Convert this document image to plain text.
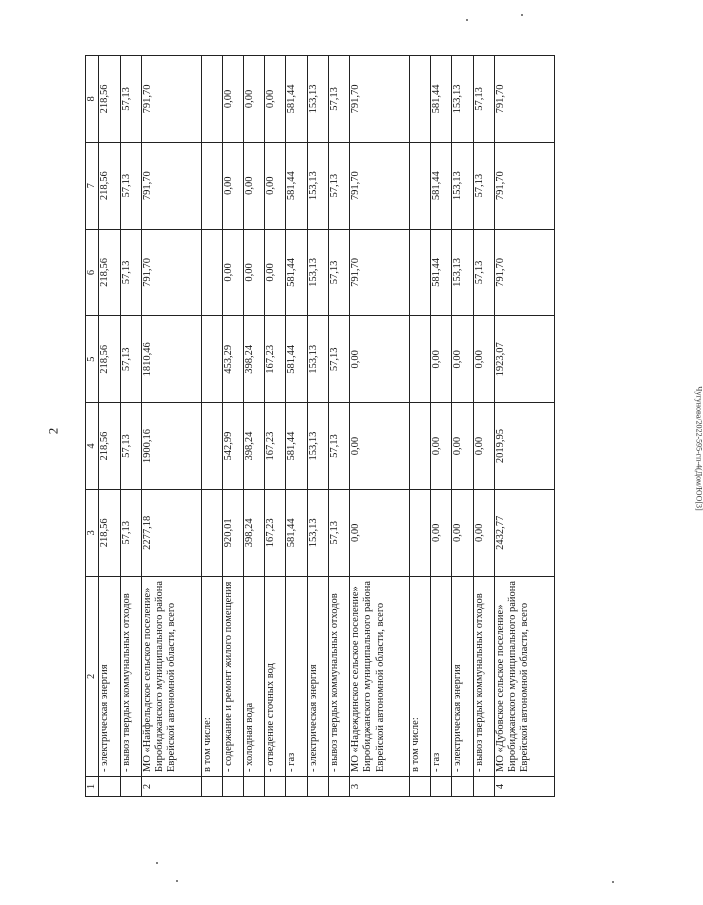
2	Чугунова/2022-595-гп-4(Дом/ЮО[3]
1	2	3	4	5	6	7	8
	- электрическая энергия	218,56	218,56	218,56	218,56	218,56	218,56
	- вывоз твердых коммунальных отходов	57,13	57,13	57,13	57,13	57,13	57,13
2	МО «Найфельдское сельское поселение» Биробиджанского муниципального района Еврейской автономной области, всего	2277,18	1900,16	1810,46	791,70	791,70	791,70
	в том числе:						
	- содержание и ремонт жилого помещения	920,01	542,99	453,29	0,00	0,00	0,00
	- холодная вода	398,24	398,24	398,24	0,00	0,00	0,00
	- отведение сточных вод	167,23	167,23	167,23	0,00	0,00	0,00
	- газ	581,44	581,44	581,44	581,44	581,44	581,44
	- электрическая энергия	153,13	153,13	153,13	153,13	153,13	153,13
	- вывоз твердых коммунальных отходов	57,13	57,13	57,13	57,13	57,13	57,13
3	МО «Надеждинское сельское поселение» Биробиджанского муниципального района Еврейской автономной области, всего	0,00	0,00	0,00	791,70	791,70	791,70
	в том числе:						
	- газ	0,00	0,00	0,00	581,44	581,44	581,44
	- электрическая энергия	0,00	0,00	0,00	153,13	153,13	153,13
	- вывоз твердых коммунальных отходов	0,00	0,00	0,00	57,13	57,13	57,13
4	МО «Дубовское сельское поселение» Биробиджанского муниципального района Еврейской автономной области, всего	2432,77	2019,95	1923,07	791,70	791,70	791,70
